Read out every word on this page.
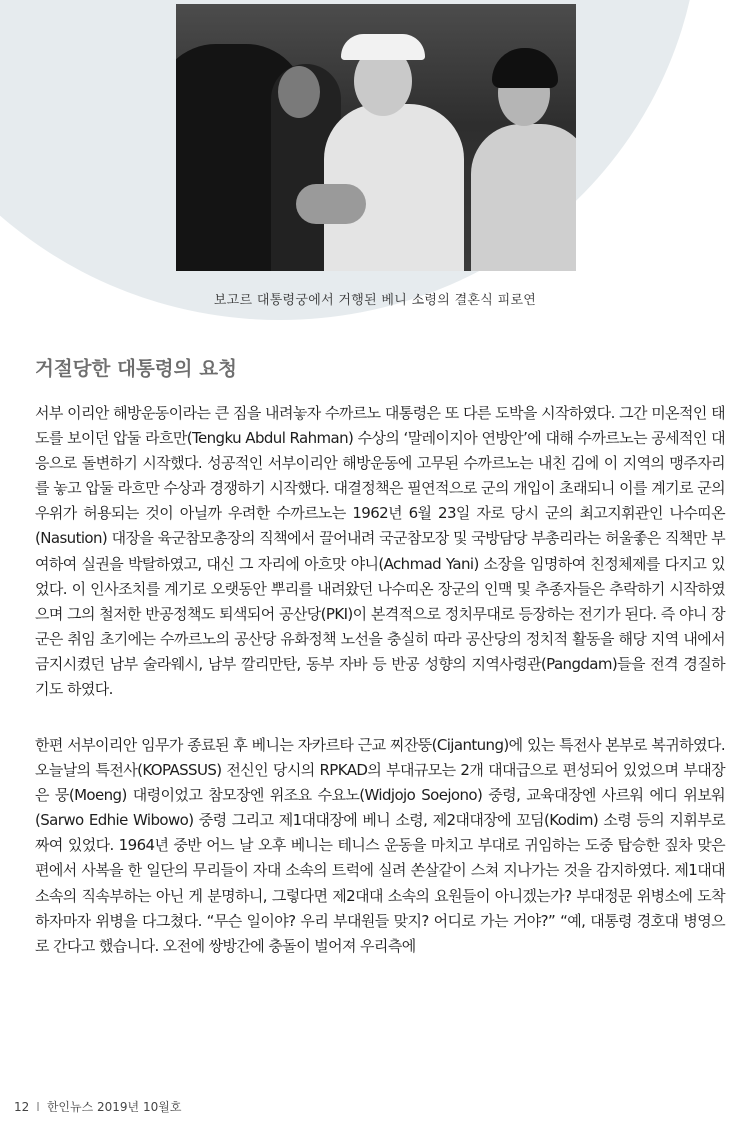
보고르 대통령궁에서 거행된 베니 소령의 결혼식 피로연
거절당한 대통령의 요청

서부 이리안 해방운동이라는 큰 짐을 내려놓자 수까르노 대통령은 또 다른 도박을 시작하였다. 그간 미온적인 태도를 보이던 압둘 라흐만(Tengku Abdul Rahman) 수상의 ‘말레이지아 연방안’에 대해 수까르노는 공세적인 대응으로 돌변하기 시작했다. 성공적인 서부이리안 해방운동에 고무된 수까르노는 내친 김에 이 지역의 맹주자리를 놓고 압둘 라흐만 수상과 경쟁하기 시작했다. 대결정책은 필연적으로 군의 개입이 초래되니 이를 계기로 군의 우위가 허용되는 것이 아닐까 우려한 수까르노는 1962년 6월 23일 자로 당시 군의 최고지휘관인 나수띠온(Nasution) 대장을 육군참모총장의 직책에서 끌어내려 국군참모장 및 국방담당 부총리라는 허울좋은 직책만 부여하여 실권을 박탈하였고, 대신 그 자리에 아흐맛 야니(Achmad Yani) 소장을 임명하여 친정체제를 다지고 있었다. 이 인사조치를 계기로 오랫동안 뿌리를 내려왔던 나수띠온 장군의 인맥 및 추종자들은 추락하기 시작하였으며 그의 철저한 반공정책도 퇴색되어 공산당(PKI)이 본격적으로 정치무대로 등장하는 전기가 된다. 즉 야니 장군은 취임 초기에는 수까르노의 공산당 유화정책 노선을 충실히 따라 공산당의 정치적 활동을 해당 지역 내에서 금지시켰던 남부 술라웨시, 남부 깔리만탄, 동부 자바 등 반공 성향의 지역사령관(Pangdam)들을 전격 경질하기도 하였다.

한편 서부이리안 임무가 종료된 후 베니는 자카르타 근교 찌잔뚱(Cijantung)에 있는 특전사 본부로 복귀하였다. 오늘날의 특전사(KOPASSUS) 전신인 당시의 RPKAD의 부대규모는 2개 대대급으로 편성되어 있었으며 부대장은 뭉(Moeng) 대령이었고 참모장엔 위조요 수요노(Widjojo Soejono) 중령, 교육대장엔 사르워 에디 위보워(Sarwo Edhie Wibowo) 중령 그리고 제1대대장에 베니 소령, 제2대대장에 꼬딤(Kodim) 소령 등의 지휘부로 짜여 있었다. 1964년 중반 어느 날 오후 베니는 테니스 운동을 마치고 부대로 귀임하는 도중 탑승한 짚차 맞은 편에서 사복을 한 일단의 무리들이 자대 소속의 트럭에 실려 쏜살같이 스쳐 지나가는 것을 감지하였다. 제1대대 소속의 직속부하는 아닌 게 분명하니, 그렇다면 제2대대 소속의 요원들이 아니겠는가? 부대정문 위병소에 도착하자마자 위병을 다그쳤다. “무슨 일이야? 우리 부대원들 맞지? 어디로 가는 거야?” “예, 대통령 경호대 병영으로 간다고 했습니다. 오전에 쌍방간에 충돌이 벌어져 우리측에

12 I 한인뉴스 2019년 10월호
